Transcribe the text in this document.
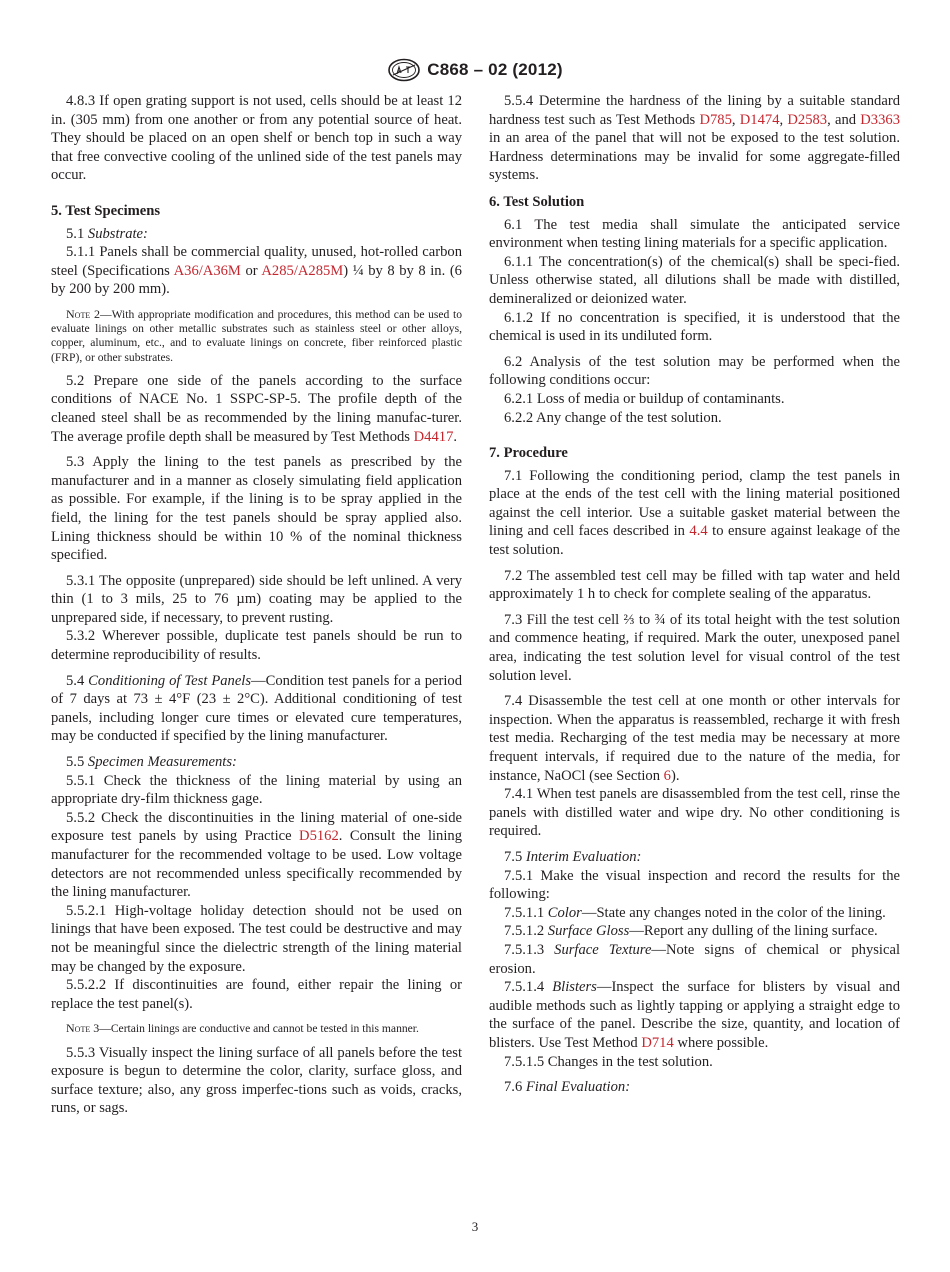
C868 – 02 (2012)

4.8.3 If open grating support is not used, cells should be at least 12 in. (305 mm) from one another or from any potential source of heat. They should be placed on an open shelf or bench top in such a way that free convective cooling of the unlined side of the test panels may occur.

5. Test Specimens

5.1 Substrate:

5.1.1 Panels shall be commercial quality, unused, hot-rolled carbon steel (Specifications A36/A36M or A285/A285M) ¼ by 8 by 8 in. (6 by 200 by 200 mm).

Note 2—With appropriate modification and procedures, this method can be used to evaluate linings on other metallic substrates such as stainless steel or other alloys, copper, aluminum, etc., and to evaluate linings on concrete, fiber reinforced plastic (FRP), or other substrates.

5.2 Prepare one side of the panels according to the surface conditions of NACE No. 1 SSPC-SP-5. The profile depth of the cleaned steel shall be as recommended by the lining manufac-turer. The average profile depth shall be measured by Test Methods D4417.

5.3 Apply the lining to the test panels as prescribed by the manufacturer and in a manner as closely simulating field application as possible. For example, if the lining is to be spray applied in the field, the lining for the test panels should be spray applied also. Lining thickness should be within 10 % of the nominal thickness specified.

5.3.1 The opposite (unprepared) side should be left unlined. A very thin (1 to 3 mils, 25 to 76 µm) coating may be applied to the unprepared side, if necessary, to prevent rusting.

5.3.2 Wherever possible, duplicate test panels should be run to determine reproducibility of results.

5.4 Conditioning of Test Panels—Condition test panels for a period of 7 days at 73 ± 4°F (23 ± 2°C). Additional conditioning of test panels, including longer cure times or elevated cure temperatures, may be conducted if specified by the lining manufacturer.

5.5 Specimen Measurements:

5.5.1 Check the thickness of the lining material by using an appropriate dry-film thickness gage.

5.5.2 Check the discontinuities in the lining material of one-side exposure test panels by using Practice D5162. Consult the lining manufacturer for the recommended voltage to be used. Low voltage detectors are not recommended unless specifically recommended by the lining manufacturer.

5.5.2.1 High-voltage holiday detection should not be used on linings that have been exposed. The test could be destructive and may not be meaningful since the dielectric strength of the lining material may be changed by the exposure.

5.5.2.2 If discontinuities are found, either repair the lining or replace the test panel(s).

Note 3—Certain linings are conductive and cannot be tested in this manner.

5.5.3 Visually inspect the lining surface of all panels before the test exposure is begun to determine the color, clarity, surface gloss, and surface texture; also, any gross imperfec-tions such as voids, cracks, runs, or sags.

5.5.4 Determine the hardness of the lining by a suitable standard hardness test such as Test Methods D785, D1474, D2583, and D3363 in an area of the panel that will not be exposed to the test solution. Hardness determinations may be invalid for some aggregate-filled systems.

6. Test Solution

6.1 The test media shall simulate the anticipated service environment when testing lining materials for a specific application.

6.1.1 The concentration(s) of the chemical(s) shall be speci-fied. Unless otherwise stated, all dilutions shall be made with distilled, demineralized or deionized water.

6.1.2 If no concentration is specified, it is understood that the chemical is used in its undiluted form.

6.2 Analysis of the test solution may be performed when the following conditions occur:

6.2.1 Loss of media or buildup of contaminants.

6.2.2 Any change of the test solution.

7. Procedure

7.1 Following the conditioning period, clamp the test panels in place at the ends of the test cell with the lining material positioned against the cell interior. Use a suitable gasket material between the lining and cell faces described in 4.4 to ensure against leakage of the test solution.

7.2 The assembled test cell may be filled with tap water and held approximately 1 h to check for complete sealing of the apparatus.

7.3 Fill the test cell ⅔ to ¾ of its total height with the test solution and commence heating, if required. Mark the outer, unexposed panel area, indicating the test solution level for visual control of the test solution level.

7.4 Disassemble the test cell at one month or other intervals for inspection. When the apparatus is reassembled, recharge it with fresh test media. Recharging of the test media may be necessary at more frequent intervals, if required due to the nature of the media, for instance, NaOCl (see Section 6).

7.4.1 When test panels are disassembled from the test cell, rinse the panels with distilled water and wipe dry. No other conditioning is required.

7.5 Interim Evaluation:

7.5.1 Make the visual inspection and record the results for the following:

7.5.1.1 Color—State any changes noted in the color of the lining.

7.5.1.2 Surface Gloss—Report any dulling of the lining surface.

7.5.1.3 Surface Texture—Note signs of chemical or physical erosion.

7.5.1.4 Blisters—Inspect the surface for blisters by visual and audible methods such as lightly tapping or applying a straight edge to the surface of the panel. Describe the size, quantity, and location of blisters. Use Test Method D714 where possible.

7.5.1.5 Changes in the test solution.

7.6 Final Evaluation:

3
